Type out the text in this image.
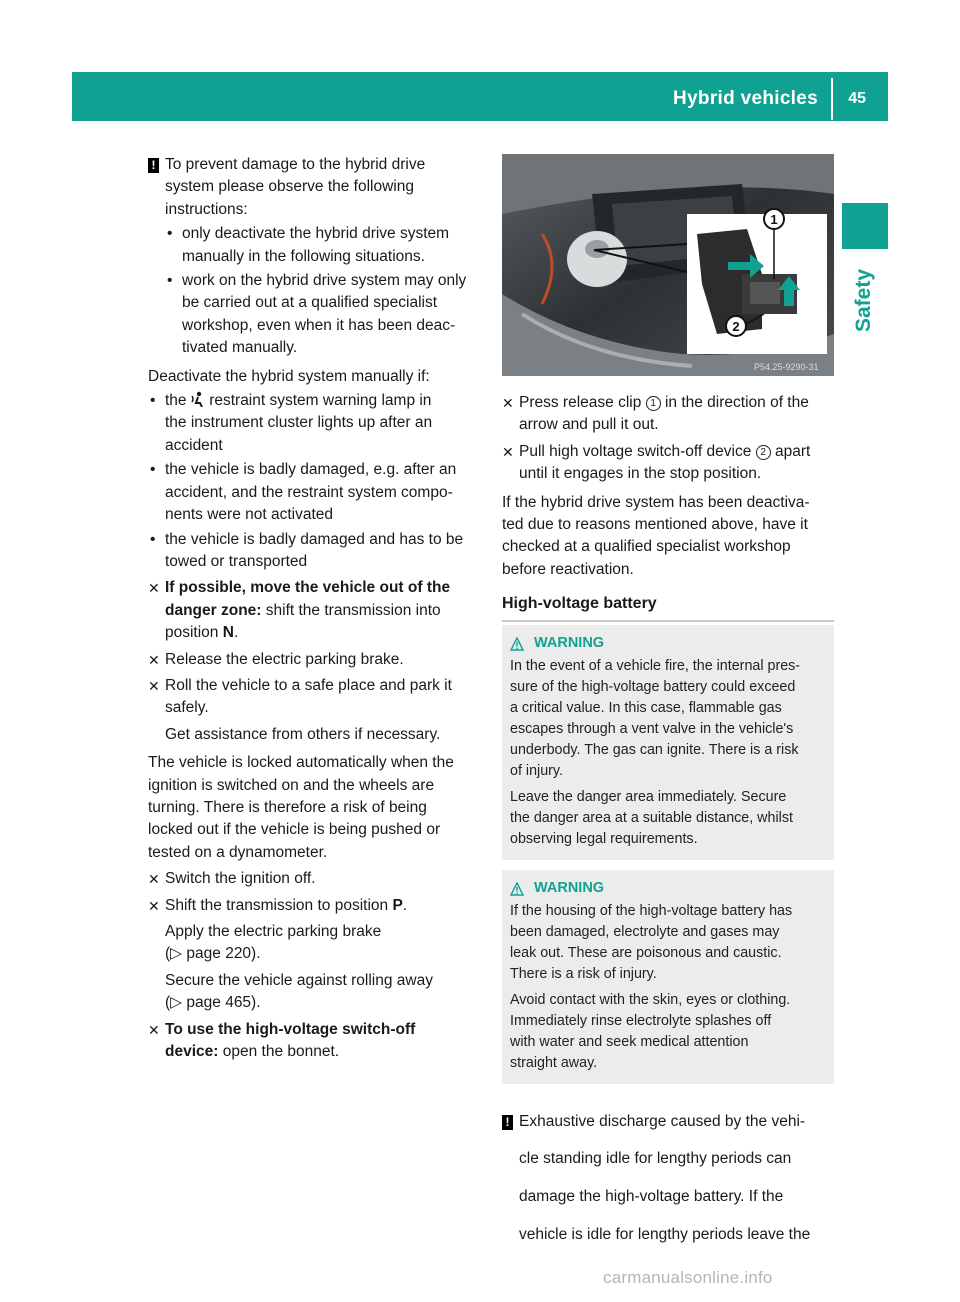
Hybrid vehicles 45
Safety
! To prevent damage to the hybrid drive

system please observe the following

instructions:

• only deactivate the hybrid drive system

manually in the following situations.

• work on the hybrid drive system may only

be carried out at a qualified specialist

workshop, even when it has been deac-

tivated manually.

Deactivate the hybrid system manually if:

• the restraint system warning lamp in

the instrument cluster lights up after an

accident

• the vehicle is badly damaged, e.g. after an

accident, and the restraint system compo-

nents were not activated

• the vehicle is badly damaged and has to be

towed or transported

✕ If possible, move the vehicle out of the

danger zone: shift the transmission into

position N.

✕ Release the electric parking brake.

✕ Roll the vehicle to a safe place and park it

safely.

Get assistance from others if necessary.

The vehicle is locked automatically when the

ignition is switched on and the wheels are

turning. There is therefore a risk of being

locked out if the vehicle is being pushed or

tested on a dynamometer.

✕ Switch the ignition off.

✕ Shift the transmission to position P.

Apply the electric parking brake

(▷ page 220).

Secure the vehicle against rolling away

(▷ page 465).

✕ To use the high-voltage switch-off

device: open the bonnet.

1
2
P54.25-9290-31
✕ Press release clip 1 in the direction of the

arrow and pull it out.

✕ Pull high voltage switch-off device 2 apart

until it engages in the stop position.

If the hybrid drive system has been deactiva-

ted due to reasons mentioned above, have it

checked at a qualified specialist workshop

before reactivation.

High-voltage battery

WARNING

In the event of a vehicle fire, the internal pres-

sure of the high-voltage battery could exceed

a critical value. In this case, flammable gas

escapes through a vent valve in the vehicle's

underbody. The gas can ignite. There is a risk

of injury.

Leave the danger area immediately. Secure

the danger area at a suitable distance, whilst

observing legal requirements.

WARNING

If the housing of the high-voltage battery has

been damaged, electrolyte and gases may

leak out. These are poisonous and caustic.

There is a risk of injury.

Avoid contact with the skin, eyes or clothing.

Immediately rinse electrolyte splashes off

with water and seek medical attention

straight away.

! Exhaustive discharge caused by the vehi-

cle standing idle for lengthy periods can

damage the high-voltage battery. If the

vehicle is idle for lengthy periods leave the

carmanualsonline.info
